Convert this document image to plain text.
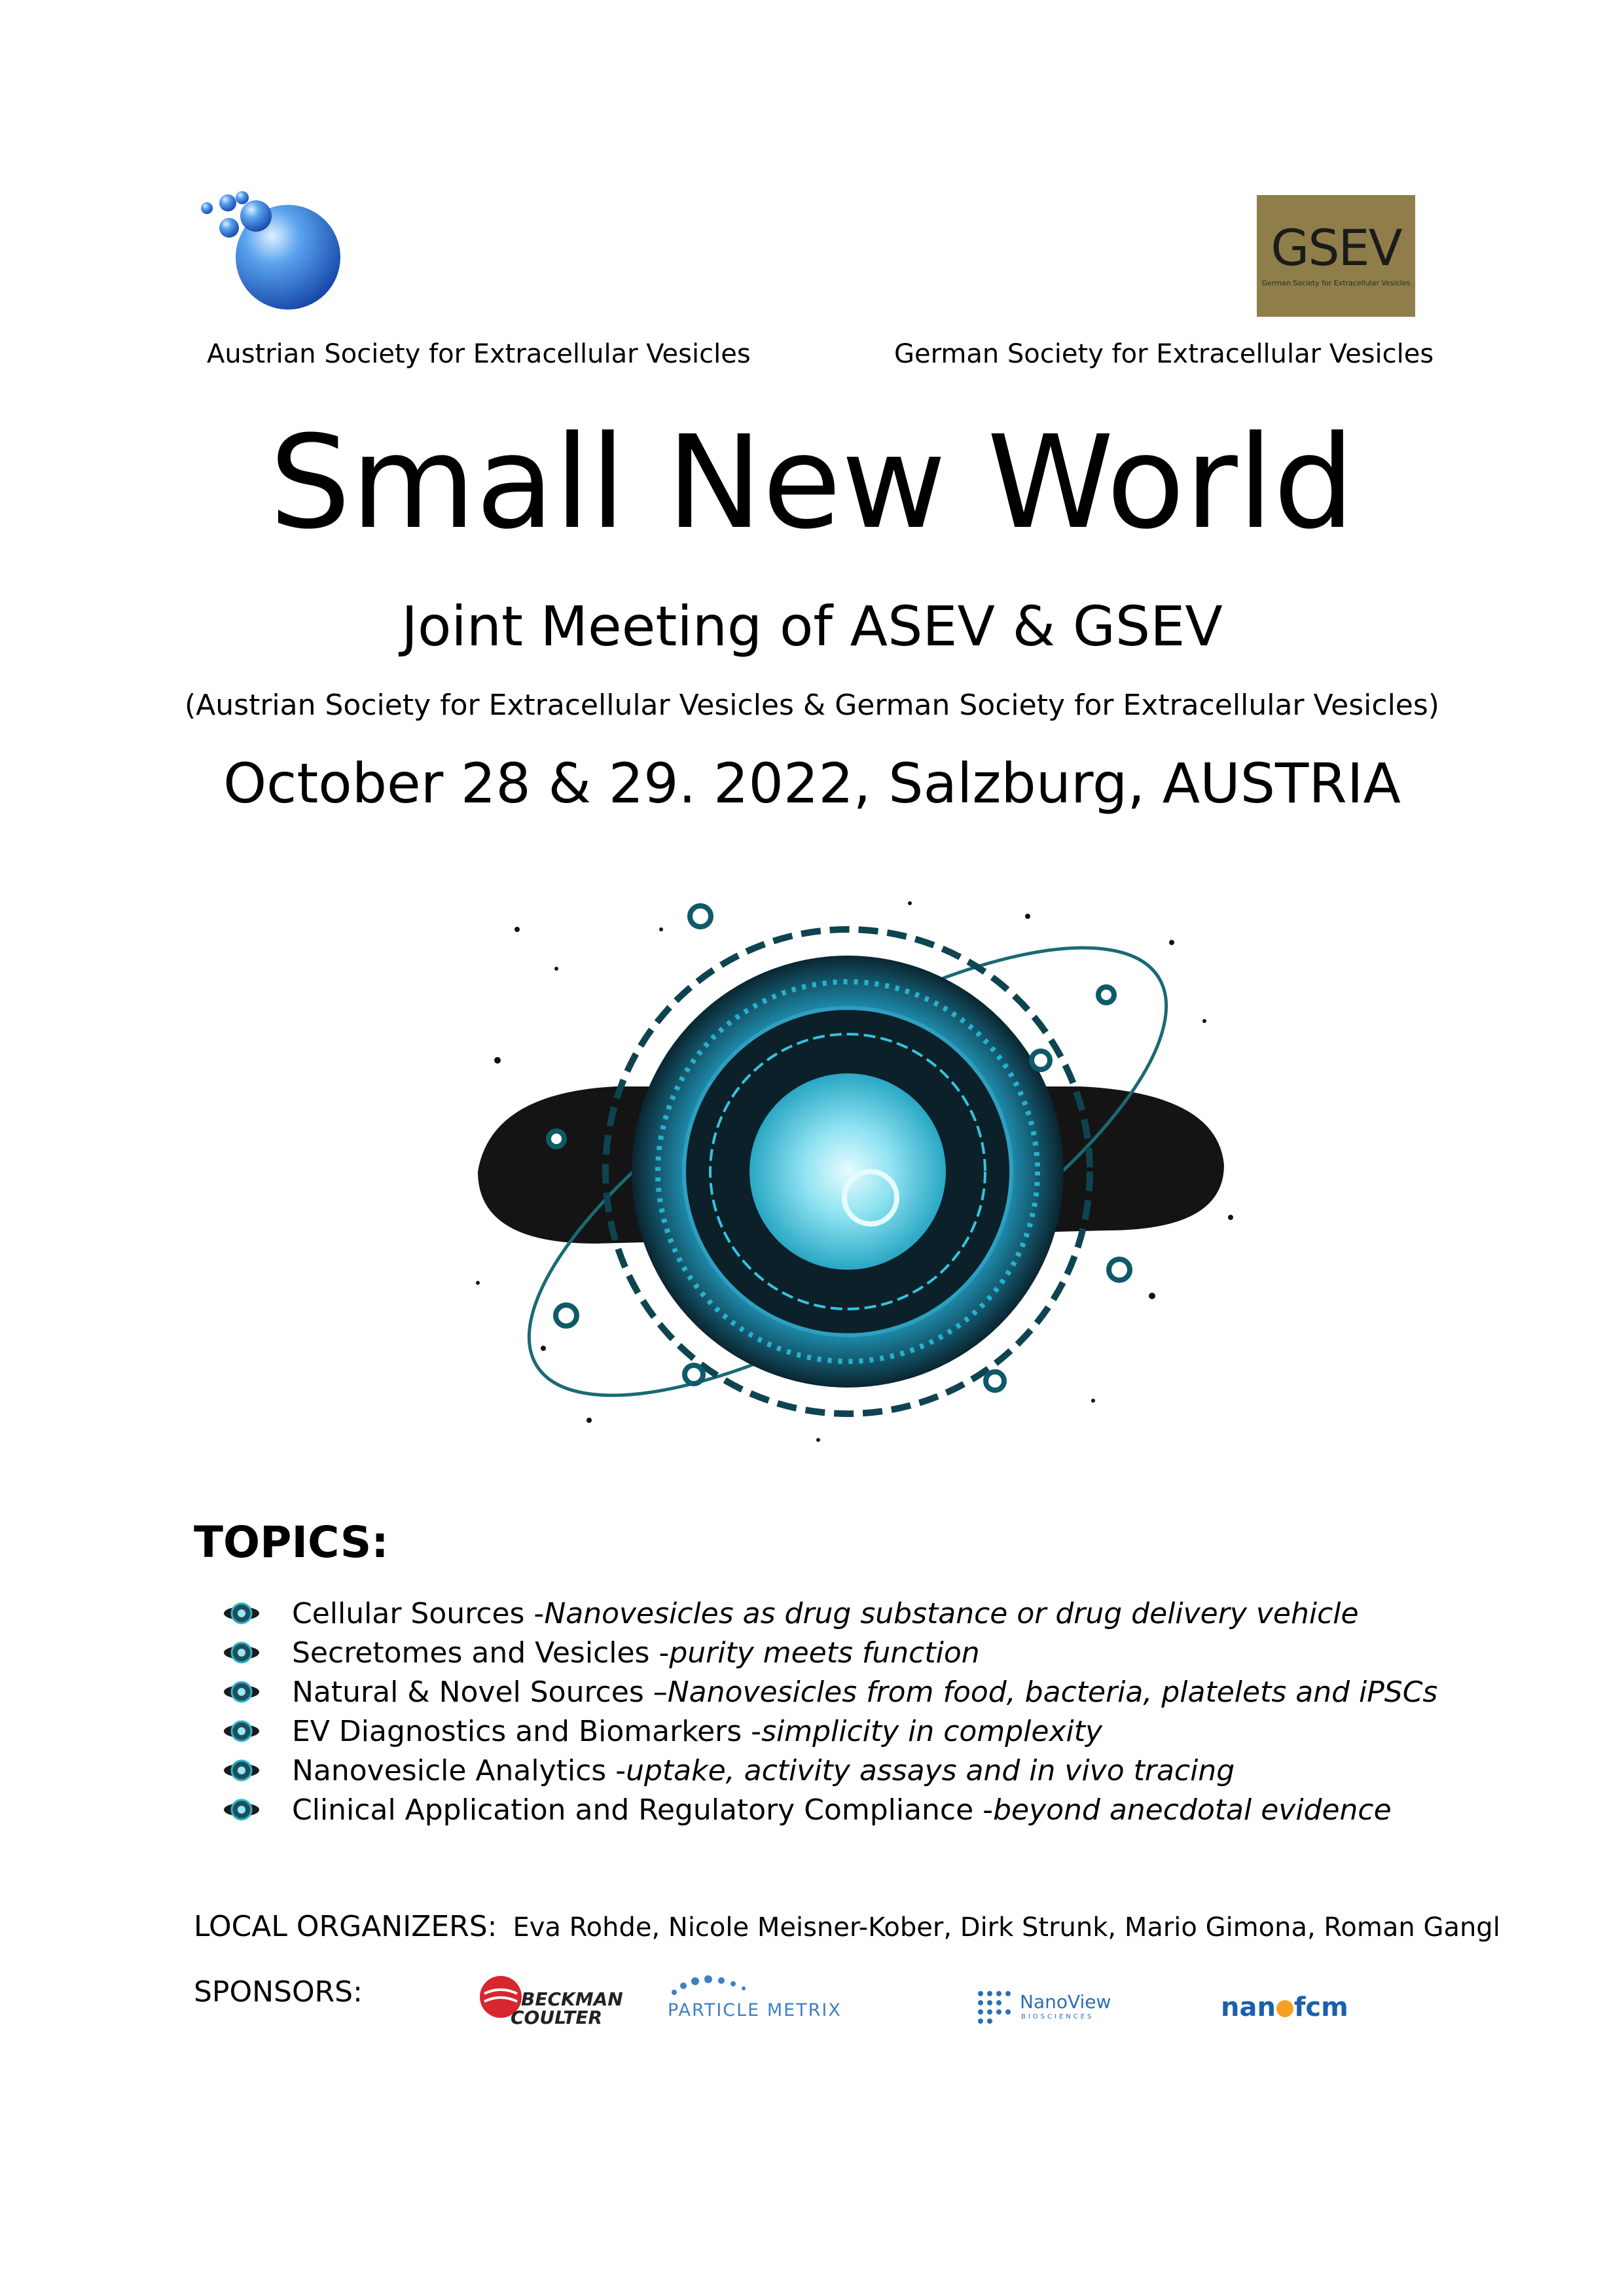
Austrian Society for Extracellular Vesicles
GSEV
German Society for Extracellular Vesicles
German Society for Extracellular Vesicles
Small New World
Joint Meeting of ASEV & GSEV
(Austrian Society for Extracellular Vesicles & German Society for Extracellular Vesicles)
October 28 & 29. 2022, Salzburg, AUSTRIA
TOPICS:
Cellular Sources - Nanovesicles as drug substance or drug delivery vehicle
Secretomes and Vesicles - purity meets function
Natural & Novel Sources – Nanovesicles from food, bacteria, platelets and iPSCs
EV Diagnostics and Biomarkers - simplicity in complexity
Nanovesicle Analytics - uptake, activity assays and in vivo tracing
Clinical Application and Regulatory Compliance - beyond anecdotal evidence
LOCAL ORGANIZERS: Eva Rohde, Nicole Meisner-Kober, Dirk Strunk, Mario Gimona, Roman Gangl
SPONSORS:	BECKMAN
COULTER	PARTICLE METRIX	NanoView
BIOSCIENCES	nan fcm
